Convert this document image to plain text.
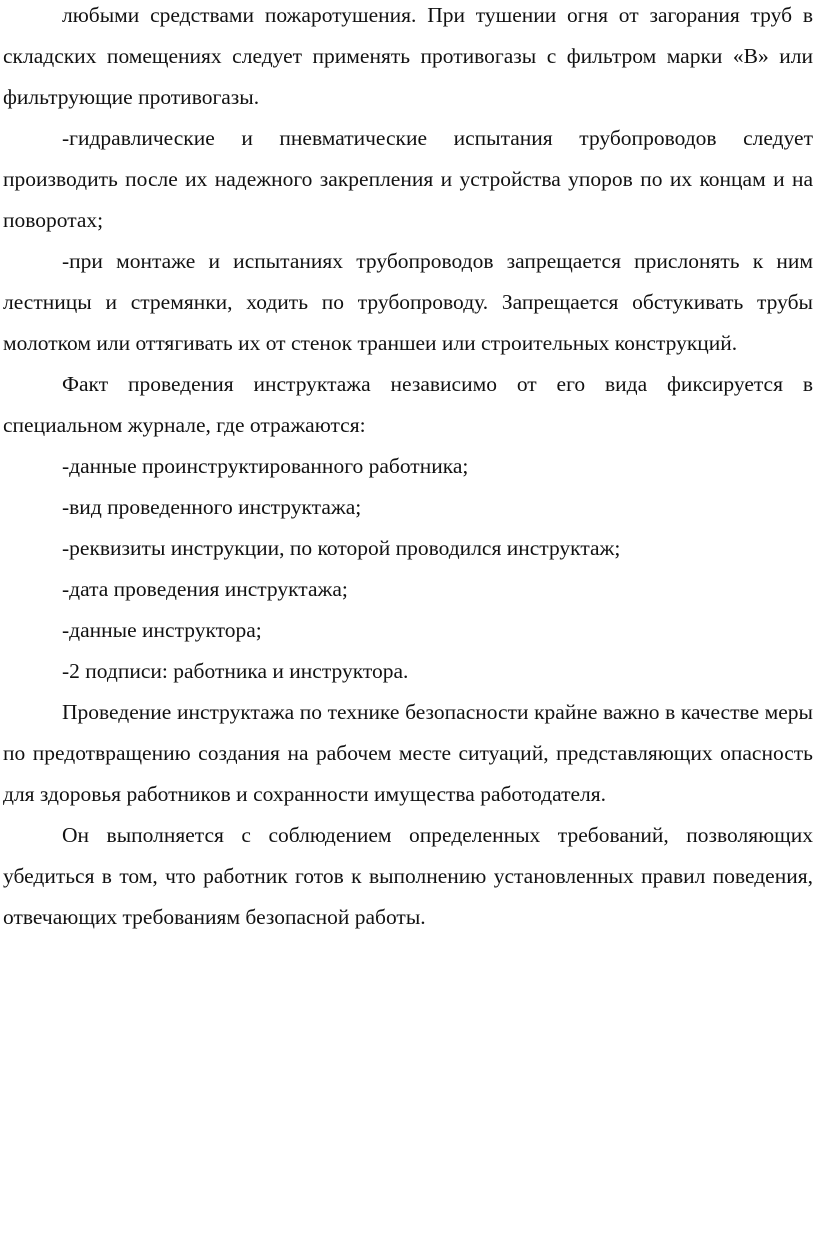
любыми средствами пожаротушения. При тушении огня от загорания труб в складских помещениях следует применять противогазы с фильтром марки «В» или фильтрующие противогазы.

-гидравлические и пневматические испытания трубопроводов следует производить после их надежного закрепления и устройства упоров по их концам и на поворотах;

-при монтаже и испытаниях трубопроводов запрещается прислонять к ним лестницы и стремянки, ходить по трубопроводу. Запрещается обстукивать трубы молотком или оттягивать их от стенок траншеи или строительных конструкций.

Факт проведения инструктажа независимо от его вида фиксируется в специальном журнале, где отражаются:

-данные проинструктированного работника;

-вид проведенного инструктажа;

-реквизиты инструкции, по которой проводился инструктаж;

-дата проведения инструктажа;

-данные инструктора;

-2 подписи: работника и инструктора.

Проведение инструктажа по технике безопасности крайне важно в качестве меры по предотвращению создания на рабочем месте ситуаций, представляющих опасность для здоровья работников и сохранности имущества работодателя.

Он выполняется с соблюдением определенных требований, позволяющих убедиться в том, что работник готов к выполнению установленных правил поведения, отвечающих требованиям безопасной работы.
